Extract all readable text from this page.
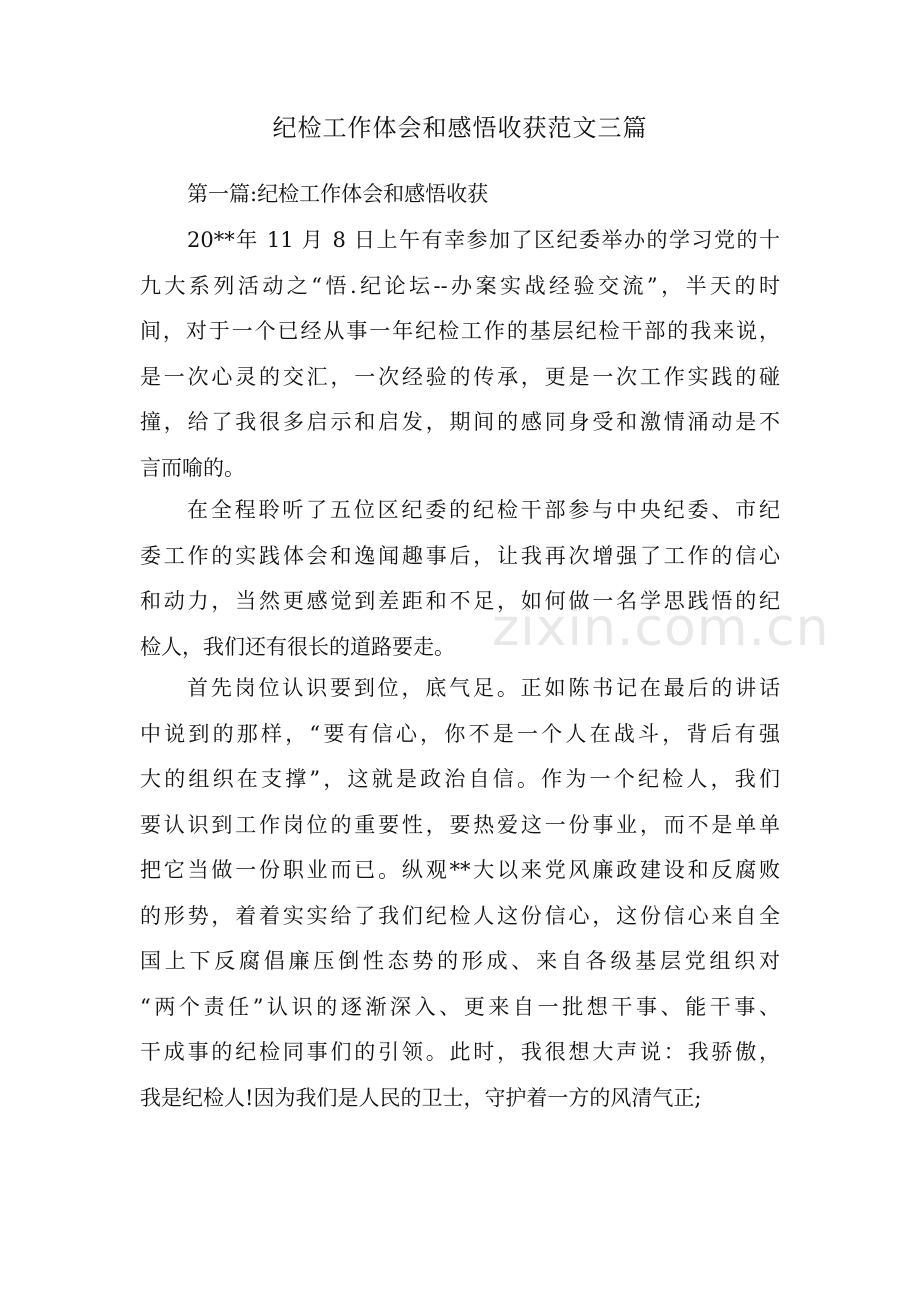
纪检工作体会和感悟收获范文三篇
第一篇:纪检工作体会和感悟收获
20**年 11 月 8 日上午有幸参加了区纪委举办的学习党的十
九大系列活动之“悟.纪论坛--办案实战经验交流”，半天的时
间，对于一个已经从事一年纪检工作的基层纪检干部的我来说，
是一次心灵的交汇，一次经验的传承，更是一次工作实践的碰
撞，给了我很多启示和启发，期间的感同身受和激情涌动是不
言而喻的。
在全程聆听了五位区纪委的纪检干部参与中央纪委、市纪
委工作的实践体会和逸闻趣事后，让我再次增强了工作的信心
和动力，当然更感觉到差距和不足，如何做一名学思践悟的纪
检人，我们还有很长的道路要走。
首先岗位认识要到位，底气足。正如陈书记在最后的讲话
中说到的那样，“要有信心，你不是一个人在战斗，背后有强
大的组织在支撑”，这就是政治自信。作为一个纪检人，我们
要认识到工作岗位的重要性，要热爱这一份事业，而不是单单
把它当做一份职业而已。纵观**大以来党风廉政建设和反腐败
的形势，着着实实给了我们纪检人这份信心，这份信心来自全
国上下反腐倡廉压倒性态势的形成、来自各级基层党组织对
“两个责任”认识的逐渐深入、更来自一批想干事、能干事、
干成事的纪检同事们的引领。此时，我很想大声说：我骄傲，
我是纪检人!因为我们是人民的卫士，守护着一方的风清气正;
zixin.com.cn
